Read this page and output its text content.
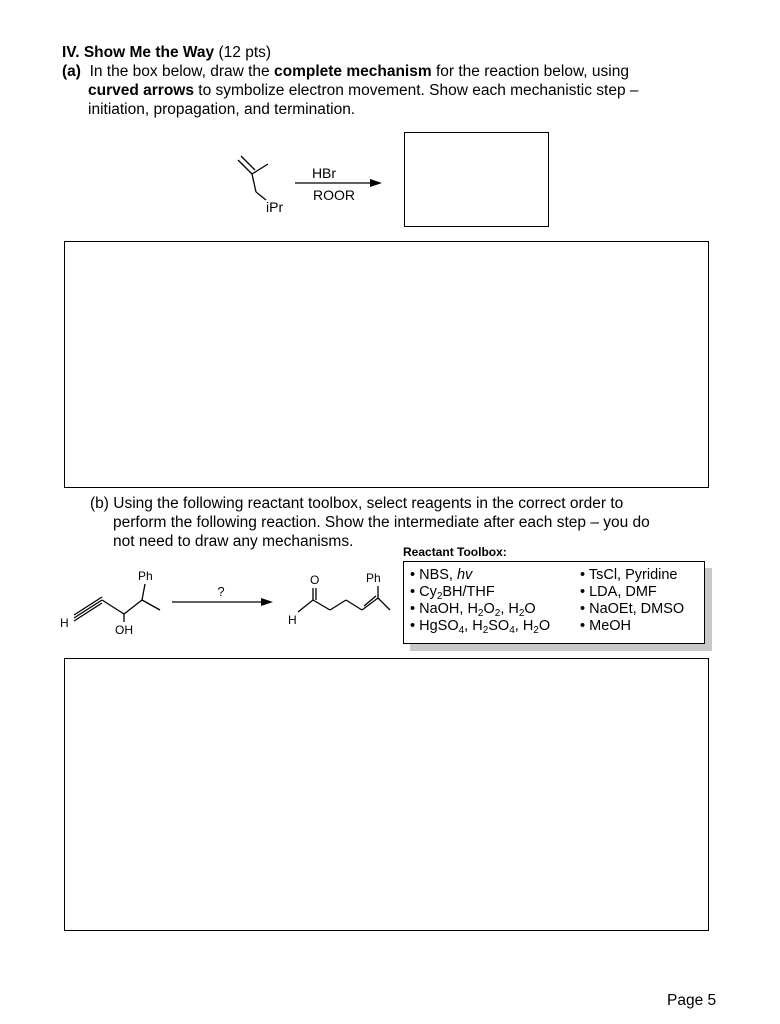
IV. Show Me the Way (12 pts)
(a) In the box below, draw the complete mechanism for the reaction below, using
curved arrows to symbolize electron movement. Show each mechanistic step –
initiation, propagation, and termination.
iPr
HBr
ROOR
(b) Using the following reactant toolbox, select reagents in the correct order to
perform the following reaction. Show the intermediate after each step – you do
not need to draw any mechanisms.
H
Ph
OH
?
H
O	Ph
Reactant Toolbox:
• NBS, hv
• $Cy_2BH$/THF
• NaOH, $H_2O_2$, $H_2O$
• HgSO$_4$, $H_2SO_4$, $H_2O$
• TsCl, Pyridine
• LDA, DMF
• NaOEt, DMSO
• MeOH
Page 5
